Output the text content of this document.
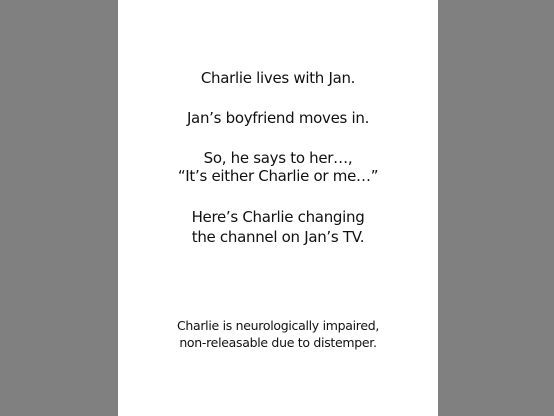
Charlie lives with Jan.
Jan’s boyfriend moves in.
So, he says to her…,
“It’s either Charlie or me…”
Here’s Charlie changing
the channel on Jan’s TV.
Charlie is neurologically impaired,
non-releasable due to distemper.
